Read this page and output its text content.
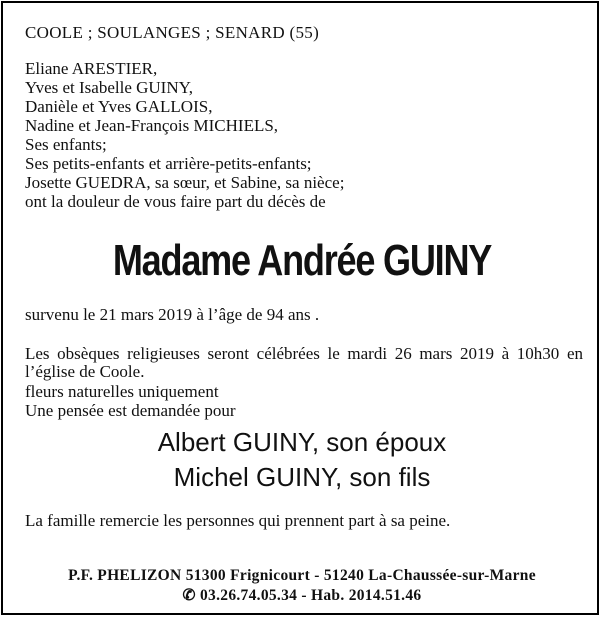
COOLE ; SOULANGES ; SENARD (55)
Eliane ARESTIER,
Yves et Isabelle GUINY,
Danièle et Yves GALLOIS,
Nadine et Jean-François MICHIELS,
Ses enfants;
Ses petits-enfants et arrière-petits-enfants;
Josette GUEDRA, sa sœur, et Sabine, sa nièce;
ont la douleur de vous faire part du décès de
Madame Andrée GUINY
survenu le 21 mars 2019 à l’âge de 94 ans .
Les obsèques religieuses seront célébrées le mardi 26 mars 2019 à 10h30 en l’église de Coole.
fleurs naturelles uniquement
Une pensée est demandée pour
Albert GUINY, son époux
Michel GUINY, son fils
La famille remercie les personnes qui prennent part à sa peine.
P.F. PHELIZON 51300 Frignicourt - 51240 La-Chaussée-sur-Marne
✆ 03.26.74.05.34 - Hab. 2014.51.46
